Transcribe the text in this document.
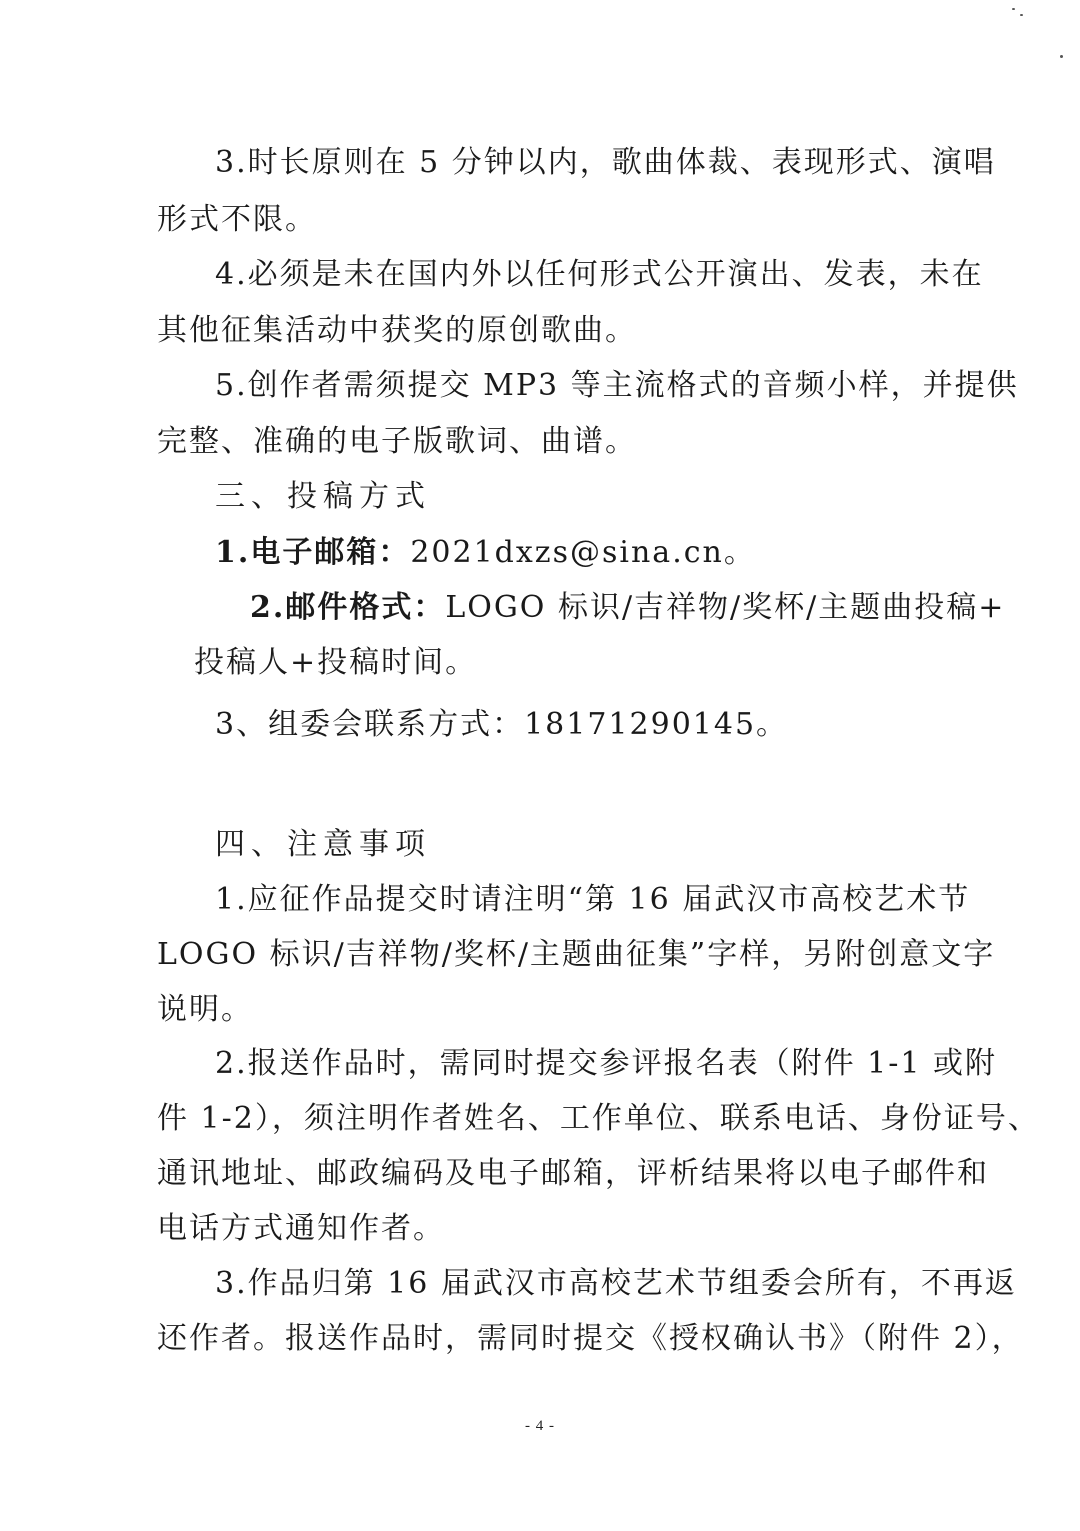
3.时长原则在 5 分钟以内，歌曲体裁、表现形式、演唱
形式不限。
4.必须是未在国内外以任何形式公开演出、发表，未在
其他征集活动中获奖的原创歌曲。
5.创作者需须提交 MP3 等主流格式的音频小样，并提供
完整、准确的电子版歌词、曲谱。
三、投稿方式
1.电子邮箱：2021dxzs@sina.cn。
2.邮件格式：LOGO 标识/吉祥物/奖杯/主题曲投稿+
投稿人+投稿时间。
3、组委会联系方式：18171290145。
四、注意事项
1.应征作品提交时请注明“第 16 届武汉市高校艺术节
LOGO 标识/吉祥物/奖杯/主题曲征集”字样，另附创意文字
说明。
2.报送作品时，需同时提交参评报名表（附件 1-1 或附
件 1-2），须注明作者姓名、工作单位、联系电话、身份证号、
通讯地址、邮政编码及电子邮箱，评析结果将以电子邮件和
电话方式通知作者。
3.作品归第 16 届武汉市高校艺术节组委会所有，不再返
还作者。报送作品时，需同时提交《授权确认书》（附件 2），
- 4 -
